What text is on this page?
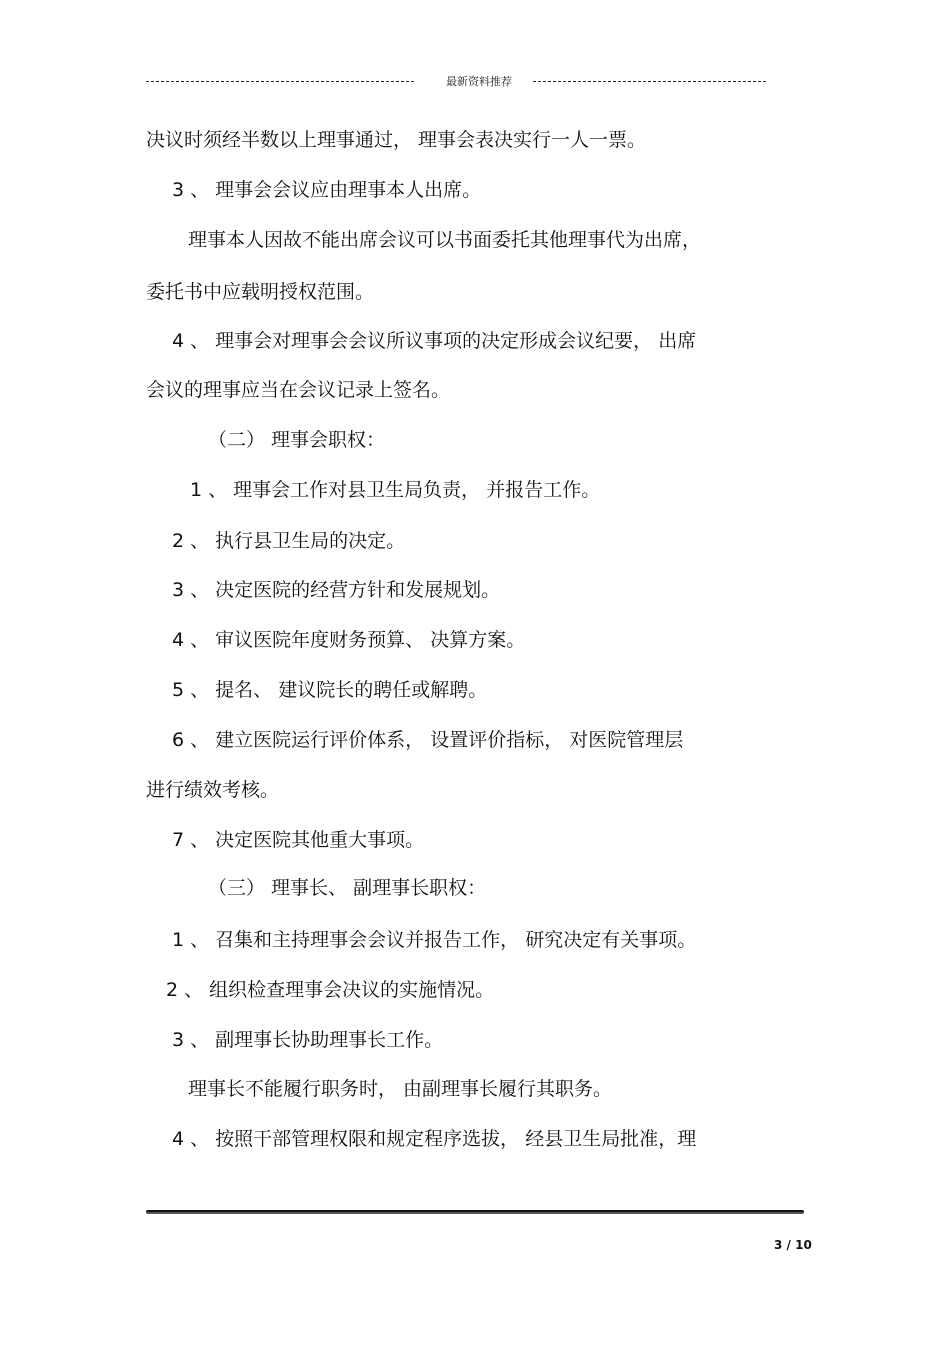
最新资料推荐
决议时须经半数以上理事通过， 理事会表决实行一人一票。
3 、 理事会会议应由理事本人出席。
理事本人因故不能出席会议可以书面委托其他理事代为出席，
委托书中应载明授权范围。
4 、 理事会对理事会会议所议事项的决定形成会议纪要， 出席
会议的理事应当在会议记录上签名。
（二） 理事会职权：
1 、 理事会工作对县卫生局负责， 并报告工作。
2 、 执行县卫生局的决定。
3 、 决定医院的经营方针和发展规划。
4 、 审议医院年度财务预算、 决算方案。
5 、 提名、 建议院长的聘任或解聘。
6 、 建立医院运行评价体系， 设置评价指标， 对医院管理层
进行绩效考核。
7 、 决定医院其他重大事项。
（三） 理事长、 副理事长职权：
1 、 召集和主持理事会会议并报告工作， 研究决定有关事项。
2 、 组织检查理事会决议的实施情况。
3 、 副理事长协助理事长工作。
理事长不能履行职务时， 由副理事长履行其职务。
4 、 按照干部管理权限和规定程序选拔， 经县卫生局批准，理
3 / 10
